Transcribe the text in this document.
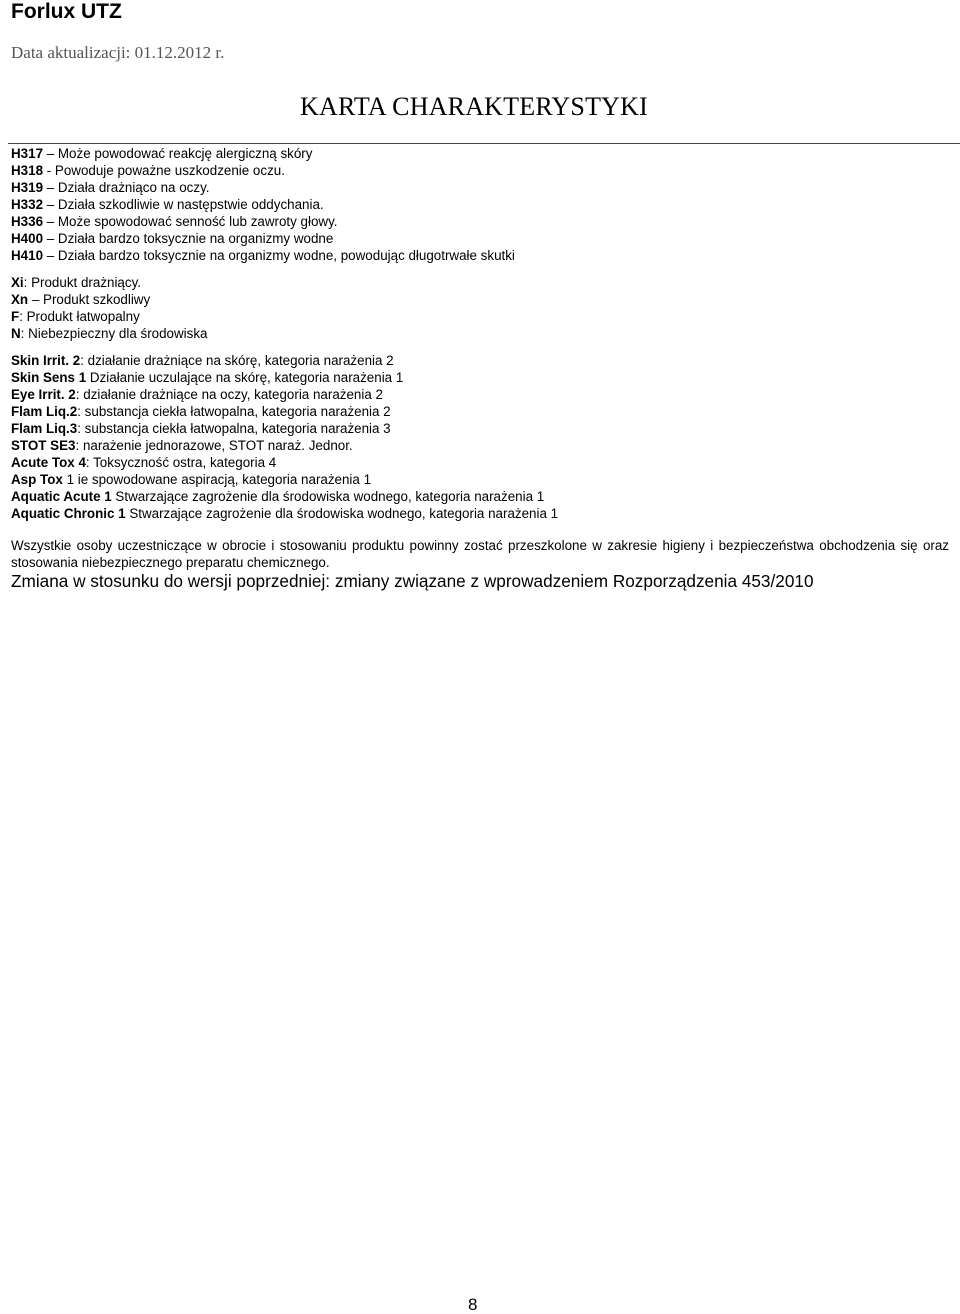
Forlux UTZ
Data aktualizacji: 01.12.2012 r.
KARTA CHARAKTERYSTYKI
H317 – Może powodować reakcję alergiczną skóry
H318 - Powoduje poważne uszkodzenie oczu.
H319 – Działa drażniąco na oczy.
H332 – Działa szkodliwie w następstwie oddychania.
H336 – Może spowodować senność lub zawroty głowy.
H400 – Działa bardzo toksycznie na organizmy wodne
H410 – Działa bardzo toksycznie na organizmy wodne, powodując długotrwałe skutki
Xi: Produkt drażniący.
Xn – Produkt szkodliwy
F: Produkt łatwopalny
N: Niebezpieczny dla środowiska
Skin Irrit. 2: działanie drażniące na skórę, kategoria narażenia 2
Skin Sens 1 Działanie uczulające na skórę, kategoria narażenia 1
Eye Irrit. 2: działanie drażniące na oczy, kategoria narażenia 2
Flam Liq.2: substancja ciekła łatwopalna, kategoria narażenia 2
Flam Liq.3: substancja ciekła łatwopalna, kategoria narażenia 3
STOT SE3: narażenie jednorazowe, STOT naraż. Jednor.
Acute Tox 4: Toksyczność ostra, kategoria 4
Asp Tox 1 ie spowodowane aspiracją, kategoria narażenia 1
Aquatic Acute 1 Stwarzające zagrożenie dla środowiska wodnego, kategoria narażenia 1
Aquatic Chronic 1 Stwarzające zagrożenie dla środowiska wodnego, kategoria narażenia 1
Wszystkie osoby uczestniczące w obrocie i stosowaniu produktu powinny zostać przeszkolone w zakresie higieny i bezpieczeństwa obchodzenia się oraz stosowania niebezpiecznego preparatu chemicznego.
Zmiana w stosunku do wersji poprzedniej: zmiany związane z wprowadzeniem Rozporządzenia 453/2010
8
